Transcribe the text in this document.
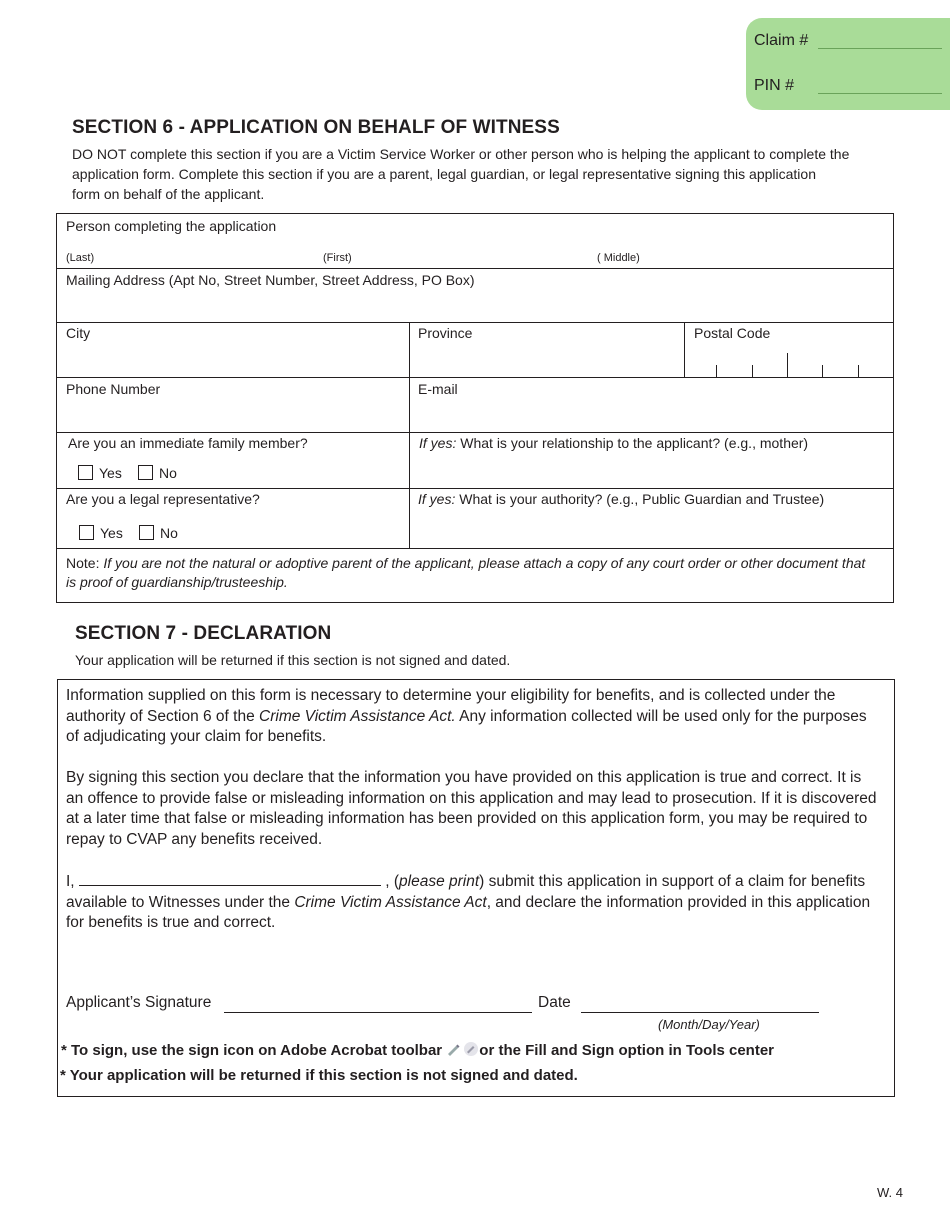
Claim #
PIN #
SECTION 6 - APPLICATION ON BEHALF OF WITNESS
DO NOT complete this section if you are a Victim Service Worker or other person who is helping the applicant to complete the
application form. Complete this section if you are a parent, legal guardian, or legal representative signing this application
form on behalf of the applicant.
Person completing the application
(Last)	(First)	( Middle)
Mailing Address (Apt No, Street Number, Street Address, PO Box)
City	Province	Postal Code
Phone Number	E-mail
Are you an immediate family member?
Yes	No
If yes: What is your relationship to the applicant? (e.g., mother)
Are you a legal representative?
Yes	No
If yes: What is your authority? (e.g., Public Guardian and Trustee)
Note: If you are not the natural or adoptive parent of the applicant, please attach a copy of any court order or other document that
is proof of guardianship/trusteeship.
SECTION 7 - DECLARATION
Your application will be returned if this section is not signed and dated.
Information supplied on this form is necessary to determine your eligibility for benefits, and is collected under the authority of Section 6 of the Crime Victim Assistance Act. Any information collected will be used only for the purposes of adjudicating your claim for benefits.
By signing this section you declare that the information you have provided on this application is true and correct. It is an offence to provide false or misleading information on this application and may lead to prosecution. If it is discovered at a later time that false or misleading information has been provided on this application form, you may be required to repay to CVAP any benefits received.
I,	, (please print) submit this application in support of a claim for benefits available to Witnesses under the Crime Victim Assistance Act, and declare the information provided in this application for benefits is true and correct.
Applicant’s Signature	Date
(Month/Day/Year)
* To sign, use the sign icon on Adobe Acrobat toolbar or the Fill and Sign option in Tools center
* Your application will be returned if this section is not signed and dated.
W. 4
